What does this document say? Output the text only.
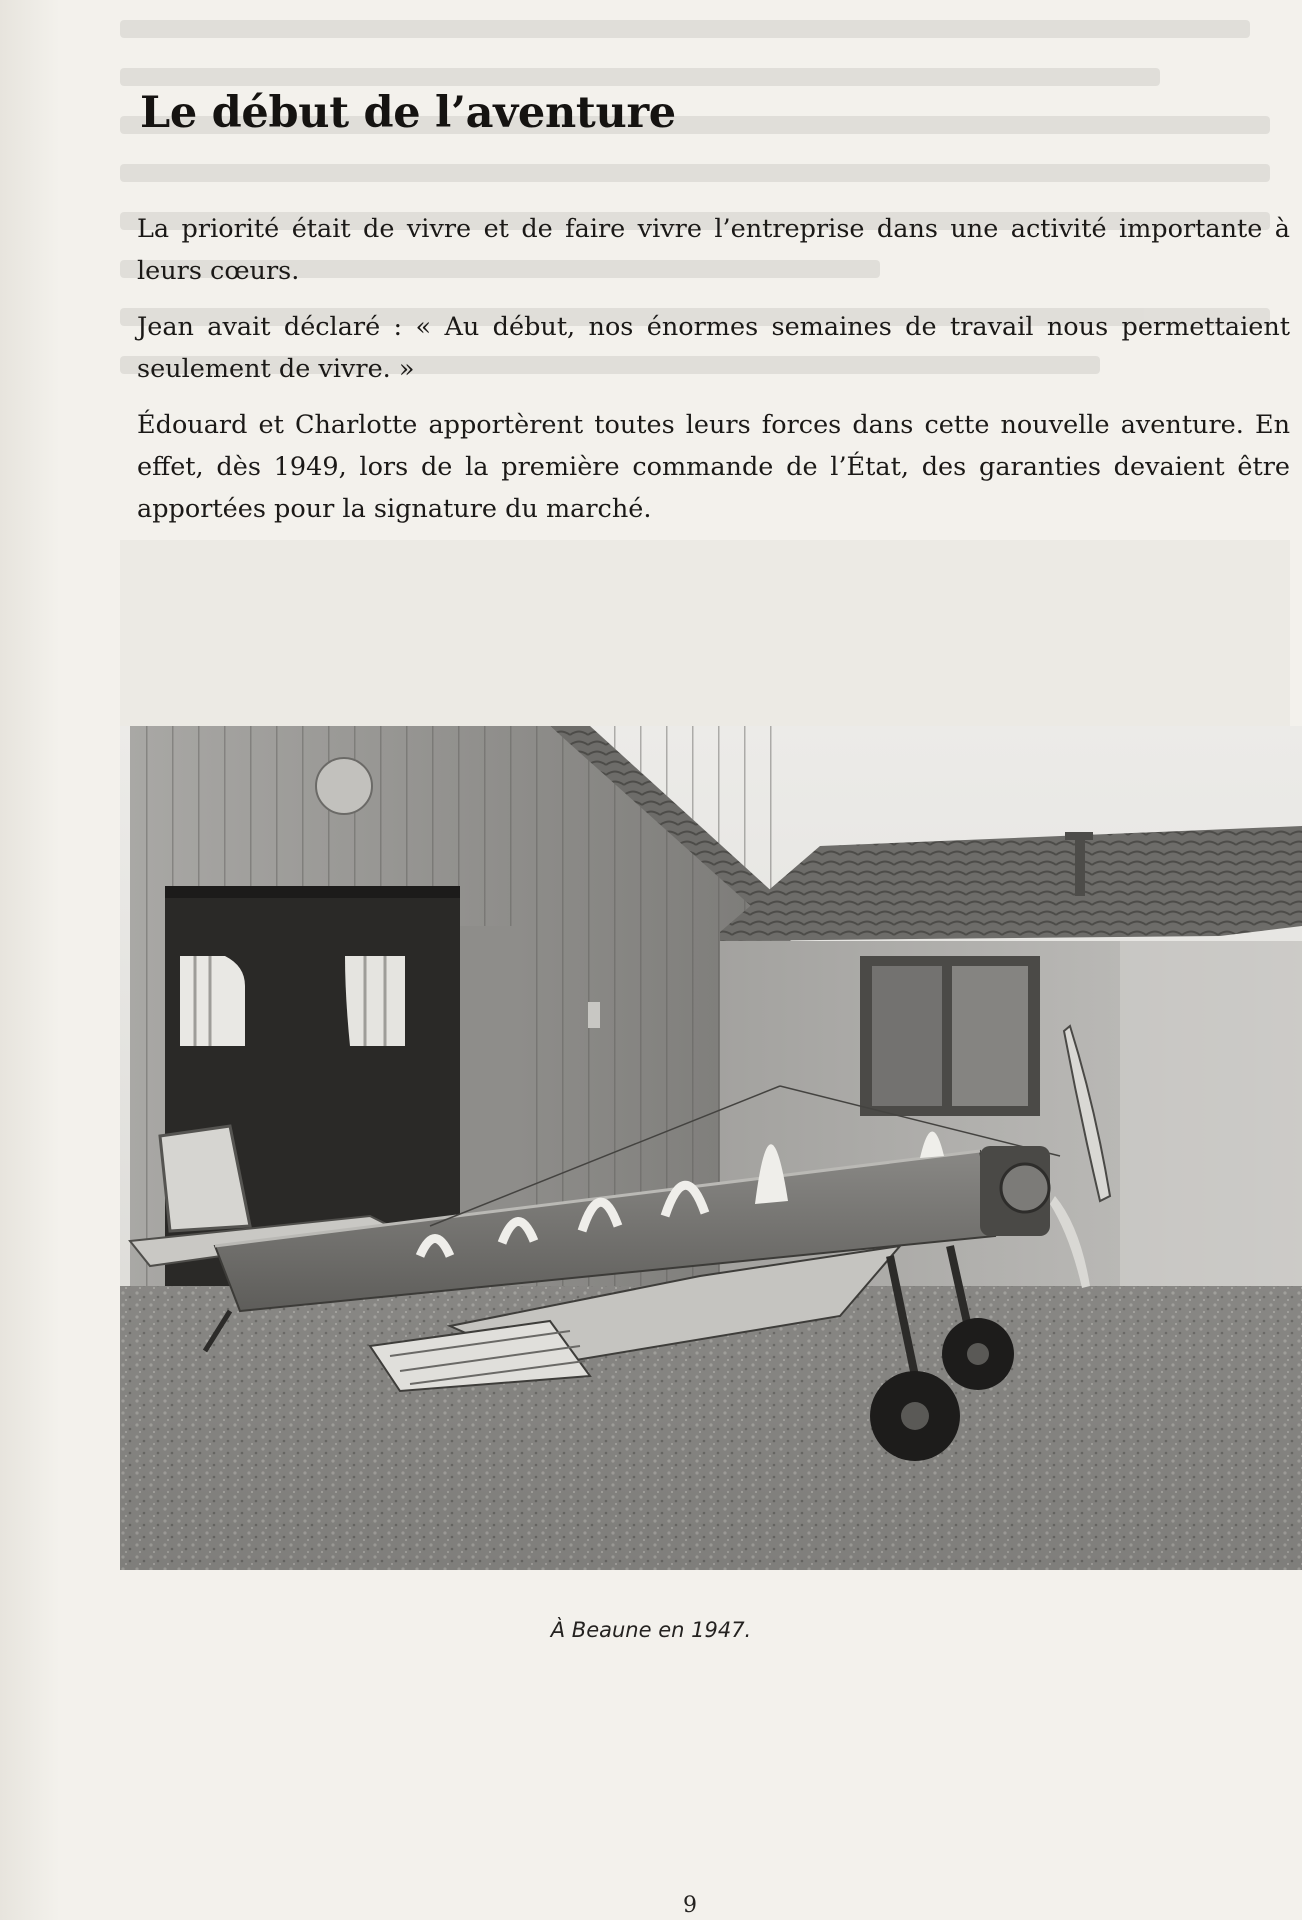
Le début de l’aventure

La priorité était de vivre et de faire vivre l’entreprise dans une activité importante à leurs cœurs.

Jean avait déclaré : « Au début, nos énormes semaines de travail nous permettaient seulement de vivre. »

Édouard et Charlotte apportèrent toutes leurs forces dans cette nouvelle aventure. En effet, dès 1949, lors de la première commande de l’État, des garanties devaient être apportées pour la signature du marché.

À Beaune en 1947.
9
